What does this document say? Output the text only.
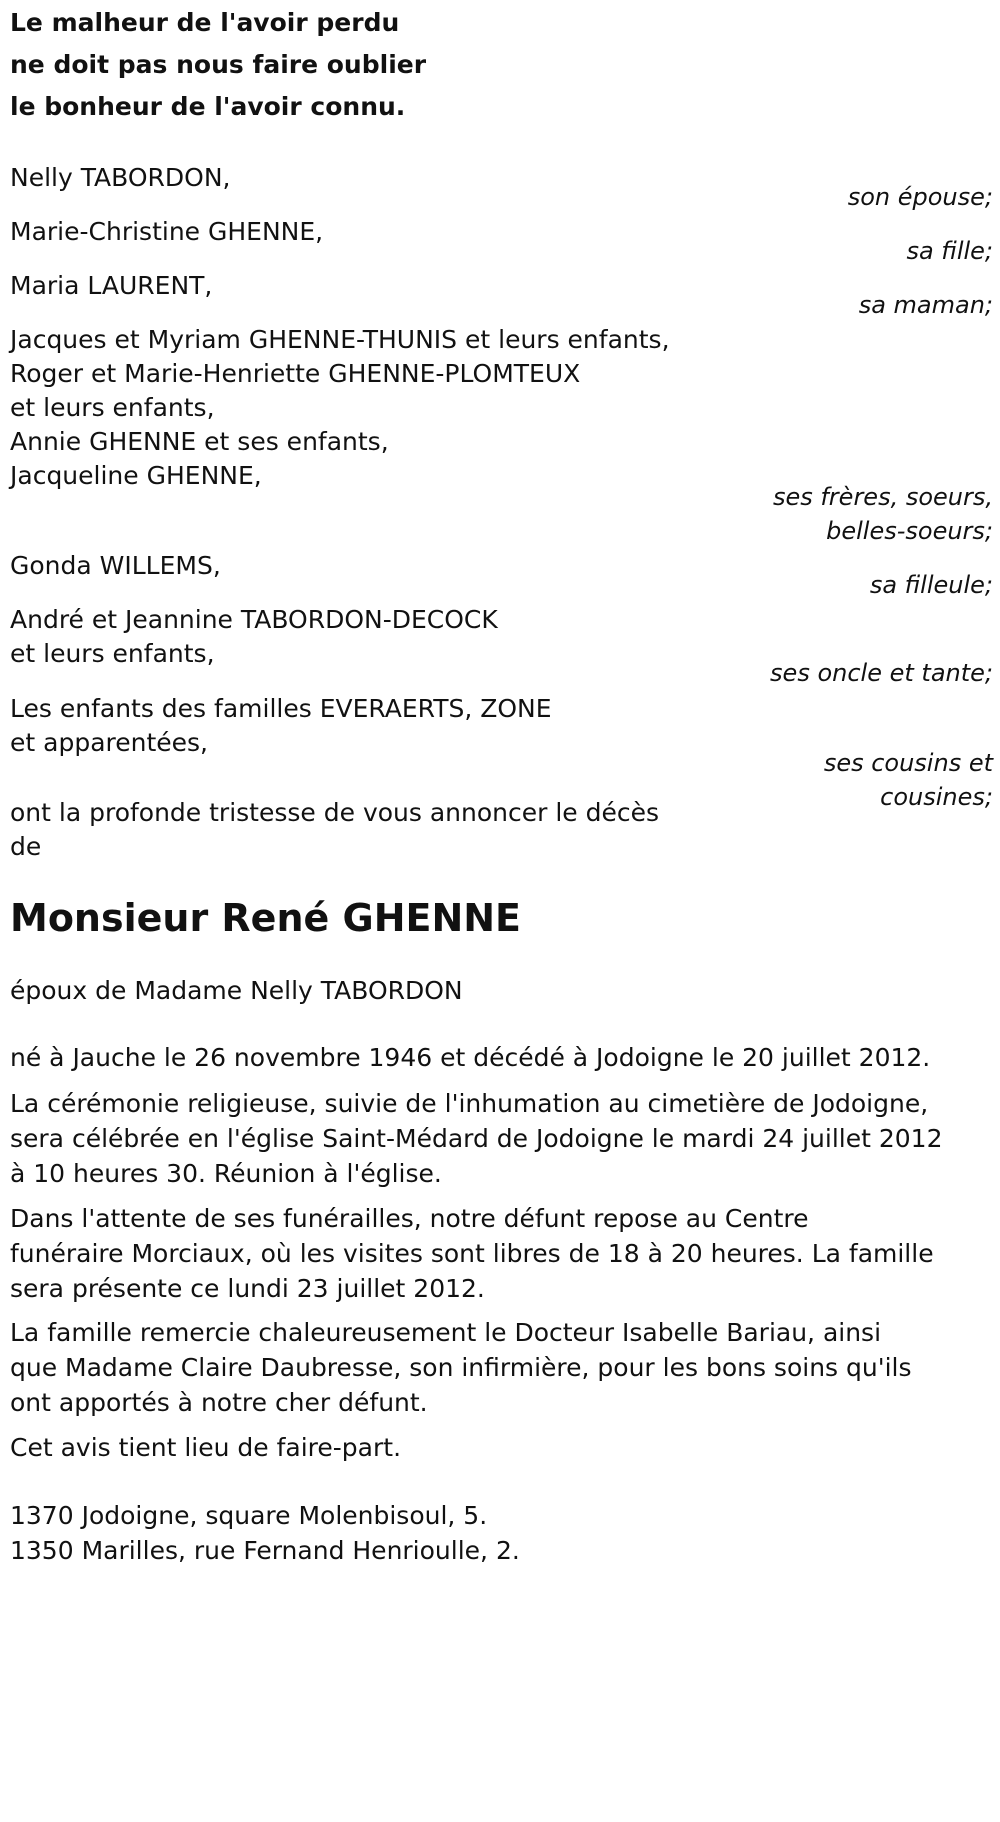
Le malheur de l'avoir perdu
ne doit pas nous faire oublier
le bonheur de l'avoir connu.
Nelly TABORDON,
son épouse;
Marie-Christine GHENNE,
sa fille;
Maria LAURENT,
sa maman;
Jacques et Myriam GHENNE-THUNIS et leurs enfants,
Roger et Marie-Henriette GHENNE-PLOMTEUX
et leurs enfants,
Annie GHENNE et ses enfants,
Jacqueline GHENNE,
ses frères, soeurs,
belles-soeurs;
Gonda WILLEMS,
sa filleule;
André et Jeannine TABORDON-DECOCK
et leurs enfants,
ses oncle et tante;
Les enfants des familles EVERAERTS, ZONE
et apparentées,
ses cousins et
cousines;
ont la profonde tristesse de vous annoncer le décès
de
Monsieur René GHENNE
époux de Madame Nelly TABORDON
né à Jauche le 26 novembre 1946 et décédé à Jodoigne le 20 juillet 2012.
La cérémonie religieuse, suivie de l'inhumation au cimetière de Jodoigne,
sera célébrée en l'église Saint-Médard de Jodoigne le mardi 24 juillet 2012
à 10 heures 30. Réunion à l'église.
Dans l'attente de ses funérailles, notre défunt repose au Centre
funéraire Morciaux, où les visites sont libres de 18 à 20 heures. La famille
sera présente ce lundi 23 juillet 2012.
La famille remercie chaleureusement le Docteur Isabelle Bariau, ainsi
que Madame Claire Daubresse, son infirmière, pour les bons soins qu'ils
ont apportés à notre cher défunt.
Cet avis tient lieu de faire-part.
1370 Jodoigne, square Molenbisoul, 5.
1350 Marilles, rue Fernand Henrioulle, 2.
